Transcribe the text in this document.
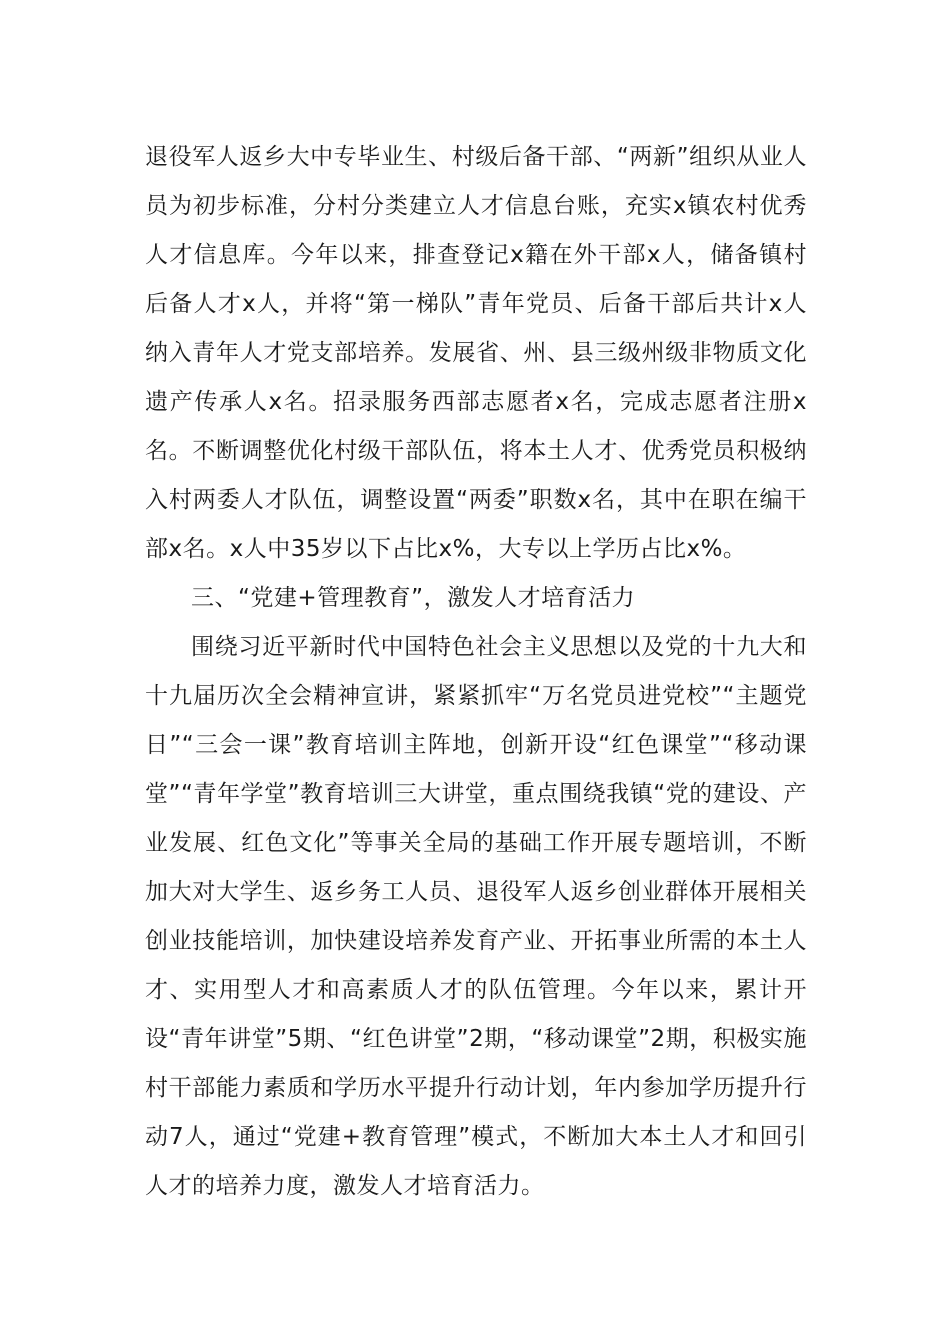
退役军人返乡大中专毕业生、村级后备干部、“两新”组织从业人员为初步标准，分村分类建立人才信息台账，充实x镇农村优秀人才信息库。今年以来，排查登记x籍在外干部x人，储备镇村后备人才x人，并将“第一梯队”青年党员、后备干部后共计x人纳入青年人才党支部培养。发展省、州、县三级州级非物质文化遗产传承人x名。招录服务西部志愿者x名，完成志愿者注册x名。不断调整优化村级干部队伍，将本土人才、优秀党员积极纳入村两委人才队伍，调整设置“两委”职数x名，其中在职在编干部x名。x人中35岁以下占比x%，大专以上学历占比x%。

三、“党建+管理教育”，激发人才培育活力

围绕习近平新时代中国特色社会主义思想以及党的十九大和十九届历次全会精神宣讲，紧紧抓牢“万名党员进党校”“主题党日”“三会一课”教育培训主阵地，创新开设“红色课堂”“移动课堂”“青年学堂”教育培训三大讲堂，重点围绕我镇“党的建设、产业发展、红色文化”等事关全局的基础工作开展专题培训，不断加大对大学生、返乡务工人员、退役军人返乡创业群体开展相关创业技能培训，加快建设培养发育产业、开拓事业所需的本土人才、实用型人才和高素质人才的队伍管理。今年以来，累计开设“青年讲堂”5期、“红色讲堂”2期，“移动课堂”2期，积极实施村干部能力素质和学历水平提升行动计划，年内参加学历提升行动7人，通过“党建+教育管理”模式，不断加大本土人才和回引人才的培养力度，激发人才培育活力。
